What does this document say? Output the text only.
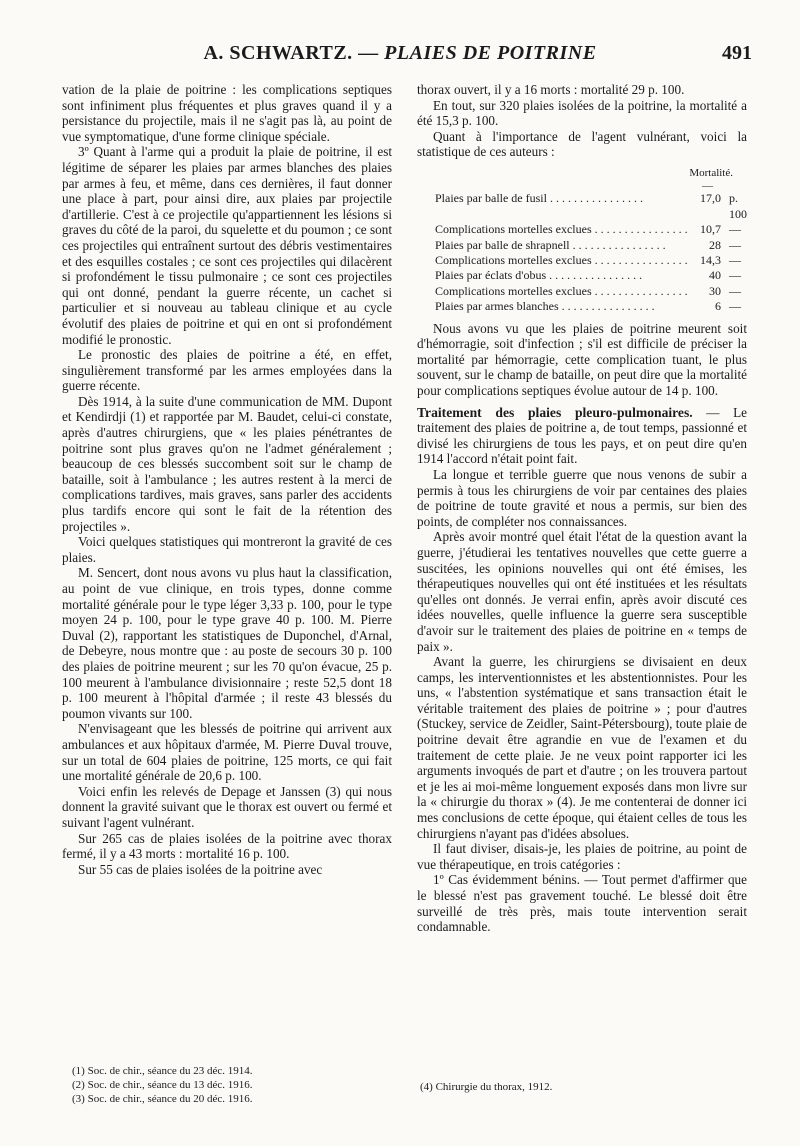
A. SCHWARTZ. — PLAIES DE POITRINE	491

vation de la plaie de poitrine : les complications septiques sont infiniment plus fréquentes et plus graves quand il y a persistance du projectile, mais il ne s'agit pas là, au point de vue symptomatique, d'une forme clinique spéciale.

3º Quant à l'arme qui a produit la plaie de poitrine, il est légitime de séparer les plaies par armes blanches des plaies par armes à feu, et même, dans ces dernières, il faut donner une place à part, pour ainsi dire, aux plaies par projectile d'artillerie. C'est à ce projectile qu'appartiennent les lésions si graves du côté de la paroi, du squelette et du poumon ; ce sont ces projectiles qui entraînent surtout des débris vestimentaires et des esquilles costales ; ce sont ces projectiles qui dilacèrent si profondément le tissu pulmonaire ; ce sont ces projectiles qui ont donné, pendant la guerre récente, un cachet si particulier et si nouveau au tableau clinique et au cycle évolutif des plaies de poitrine et qui en ont si profondément modifié le pronostic.

Le pronostic des plaies de poitrine a été, en effet, singulièrement transformé par les armes employées dans la guerre récente.

Dès 1914, à la suite d'une communication de MM. Dupont et Kendirdji (1) et rapportée par M. Baudet, celui-ci constate, après d'autres chirurgiens, que « les plaies pénétrantes de poitrine sont plus graves qu'on ne l'admet généralement ; beaucoup de ces blessés succombent soit sur le champ de bataille, soit à l'ambulance ; les autres restent à la merci de complications tardives, mais graves, sans parler des accidents plus tardifs encore qui sont le fait de la rétention des projectiles ».

Voici quelques statistiques qui montreront la gravité de ces plaies.

M. Sencert, dont nous avons vu plus haut la classification, au point de vue clinique, en trois types, donne comme mortalité générale pour le type léger 3,33 p. 100, pour le type moyen 24 p. 100, pour le type grave 40 p. 100. M. Pierre Duval (2), rapportant les statistiques de Duponchel, d'Arnal, de Debeyre, nous montre que : au poste de secours 30 p. 100 des plaies de poitrine meurent ; sur les 70 qu'on évacue, 25 p. 100 meurent à l'ambulance divisionnaire ; reste 52,5 dont 18 p. 100 meurent à l'hôpital d'armée ; il reste 43 blessés du poumon vivants sur 100.

N'envisageant que les blessés de poitrine qui arrivent aux ambulances et aux hôpitaux d'armée, M. Pierre Duval trouve, sur un total de 604 plaies de poitrine, 125 morts, ce qui fait une mortalité générale de 20,6 p. 100.

Voici enfin les relevés de Depage et Janssen (3) qui nous donnent la gravité suivant que le thorax est ouvert ou fermé et suivant l'agent vulnérant.

Sur 265 cas de plaies isolées de la poitrine avec thorax fermé, il y a 43 morts : mortalité 16 p. 100.

Sur 55 cas de plaies isolées de la poitrine avec

thorax ouvert, il y a 16 morts : mortalité 29 p. 100.

En tout, sur 320 plaies isolées de la poitrine, la mortalité a été 15,3 p. 100.

Quant à l'importance de l'agent vulnérant, voici la statistique de ces auteurs :

Mortalité.
—
Plaies par balle de fusil . . . . . . . . . . . . . . . .	17,0	p. 100
Complications mortelles exclues . . . . . . . . . . . . . . . .	10,7	—
Plaies par balle de shrapnell . . . . . . . . . . . . . . . .	28	—
Complications mortelles exclues . . . . . . . . . . . . . . . .	14,3	—
Plaies par éclats d'obus . . . . . . . . . . . . . . . .	40	—
Complications mortelles exclues . . . . . . . . . . . . . . . .	30	—
Plaies par armes blanches . . . . . . . . . . . . . . . .	6	—

Nous avons vu que les plaies de poitrine meurent soit d'hémorragie, soit d'infection ; s'il est difficile de préciser la mortalité par hémorragie, cette complication tuant, le plus souvent, sur le champ de bataille, on peut dire que la mortalité pour complications septiques évolue autour de 14 p. 100.

Traitement des plaies pleuro-pulmonaires. — Le traitement des plaies de poitrine a, de tout temps, passionné et divisé les chirurgiens de tous les pays, et on peut dire qu'en 1914 l'accord n'était point fait.

La longue et terrible guerre que nous venons de subir a permis à tous les chirurgiens de voir par centaines des plaies de poitrine de toute gravité et nous a permis, sur bien des points, de compléter nos connaissances.

Après avoir montré quel était l'état de la question avant la guerre, j'étudierai les tentatives nouvelles que cette guerre a suscitées, les opinions nouvelles qui ont été émises, les thérapeutiques nouvelles qui ont été instituées et les résultats qu'elles ont donnés. Je verrai enfin, après avoir discuté ces idées nouvelles, quelle influence la guerre sera susceptible d'avoir sur le traitement des plaies de poitrine en « temps de paix ».

Avant la guerre, les chirurgiens se divisaient en deux camps, les interventionnistes et les abstentionnistes. Pour les uns, « l'abstention systématique et sans transaction était le véritable traitement des plaies de poitrine » ; pour d'autres (Stuckey, service de Zeidler, Saint-Pétersbourg), toute plaie de poitrine devait être agrandie en vue de l'examen et du traitement de cette plaie. Je ne veux point rapporter ici les arguments invoqués de part et d'autre ; on les trouvera partout et je les ai moi-même longuement exposés dans mon livre sur la « chirurgie du thorax » (4). Je me contenterai de donner ici mes conclusions de cette époque, qui étaient celles de tous les chirurgiens n'ayant pas d'idées absolues.

Il faut diviser, disais-je, les plaies de poitrine, au point de vue thérapeutique, en trois catégories :

1º Cas évidemment bénins. — Tout permet d'affirmer que le blessé n'est pas gravement touché. Le blessé doit être surveillé de très près, mais toute intervention serait condamnable.

(1) Soc. de chir., séance du 23 déc. 1914.
(2) Soc. de chir., séance du 13 déc. 1916.
(3) Soc. de chir., séance du 20 déc. 1916.
(4) Chirurgie du thorax, 1912.
